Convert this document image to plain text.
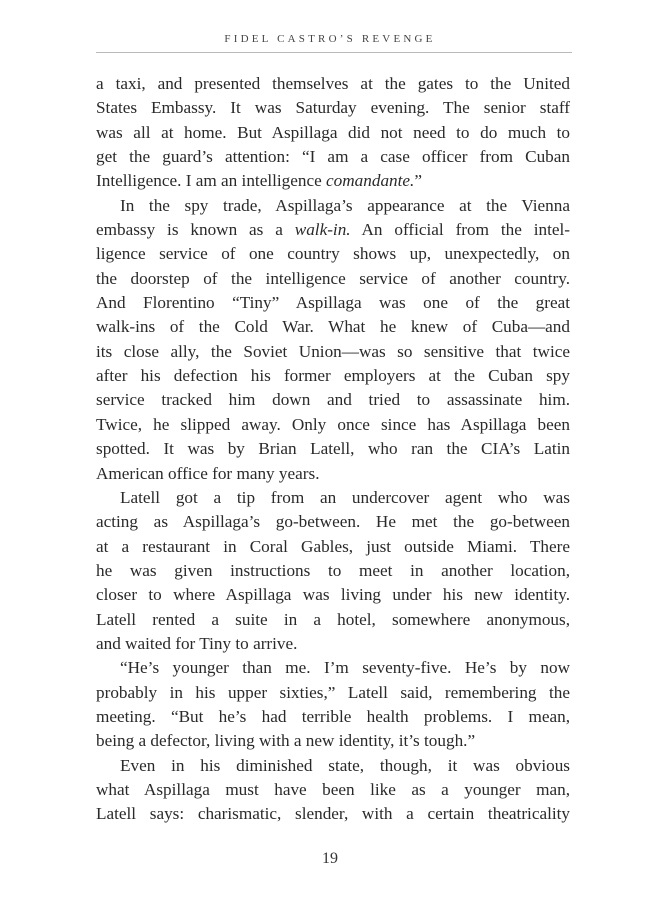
FIDEL CASTRO’S REVENGE
a taxi, and presented themselves at the gates to the United
States Embassy. It was Saturday evening. The senior staff
was all at home. But Aspillaga did not need to do much to
get the guard’s attention: “I am a case officer from Cuban
Intelligence. I am an intelligence comandante.”
In the spy trade, Aspillaga’s appearance at the Vienna
embassy is known as a walk-in. An official from the intel-
ligence service of one country shows up, unexpectedly, on
the doorstep of the intelligence service of another country.
And Florentino “Tiny” Aspillaga was one of the great
walk-ins of the Cold War. What he knew of Cuba—and
its close ally, the Soviet Union—was so sensitive that twice
after his defection his former employers at the Cuban spy
service tracked him down and tried to assassinate him.
Twice, he slipped away. Only once since has Aspillaga been
spotted. It was by Brian Latell, who ran the CIA’s Latin
American office for many years.
Latell got a tip from an undercover agent who was
acting as Aspillaga’s go-between. He met the go-between
at a restaurant in Coral Gables, just outside Miami. There
he was given instructions to meet in another location,
closer to where Aspillaga was living under his new identity.
Latell rented a suite in a hotel, somewhere anonymous,
and waited for Tiny to arrive.
“He’s younger than me. I’m seventy-five. He’s by now
probably in his upper sixties,” Latell said, remembering the
meeting. “But he’s had terrible health problems. I mean,
being a defector, living with a new identity, it’s tough.”
Even in his diminished state, though, it was obvious
what Aspillaga must have been like as a younger man,
Latell says: charismatic, slender, with a certain theatricality
19
